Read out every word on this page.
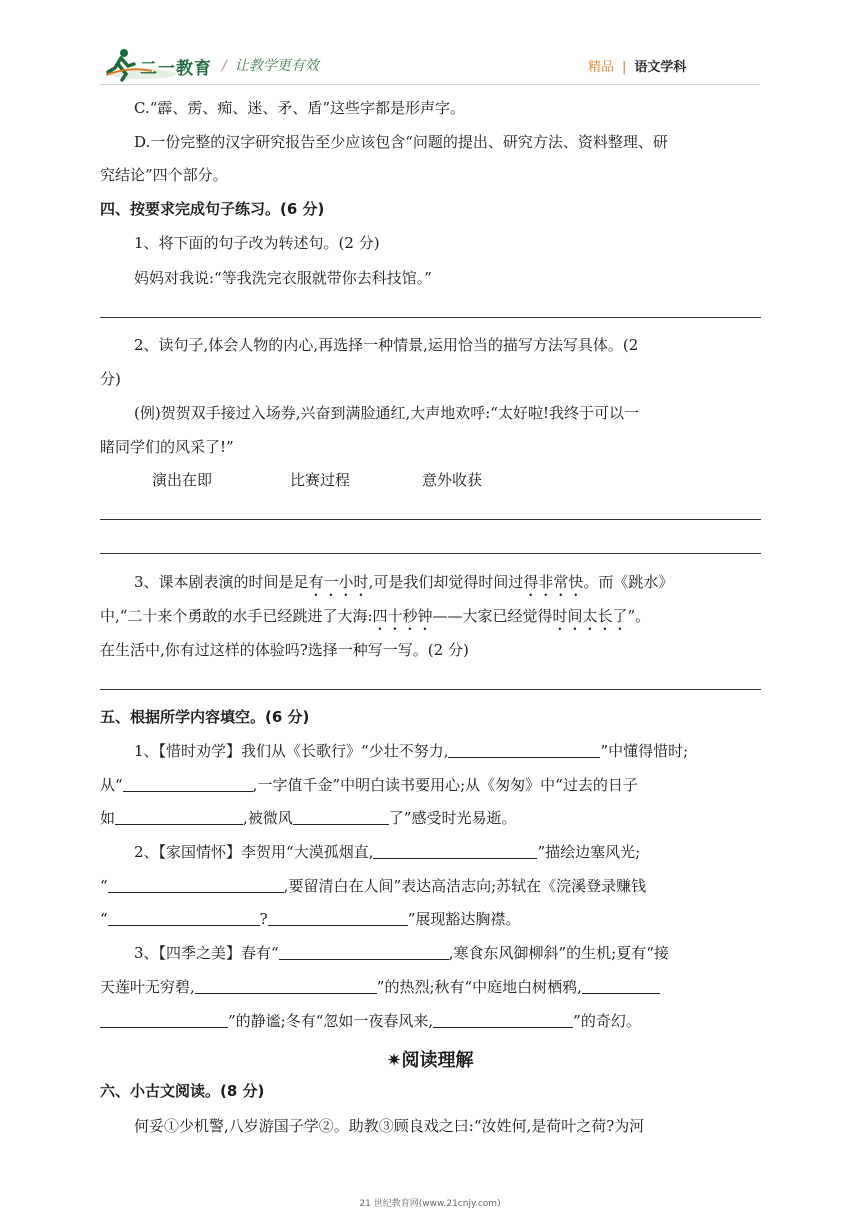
二一教育 / 让教学更有效	精品 | 语文学科
C.“霹、雳、痴、迷、矛、盾”这些字都是形声字。
D.一份完整的汉字研究报告至少应该包含“问题的提出、研究方法、资料整理、研
究结论”四个部分。
四、按要求完成句子练习。(6 分)
1、将下面的句子改为转述句。(2 分)
妈妈对我说:“等我洗完衣服就带你去科技馆。”
2、读句子,体会人物的内心,再选择一种情景,运用恰当的描写方法写具体。(2
分)
(例)贺贺双手接过入场券,兴奋到满脸通红,大声地欢呼:“太好啦!我终于可以一
睹同学们的风采了!”
演出在即	比赛过程	意外收获
3、课本剧表演的时间是足有一小时,可是我们却觉得时间过得非常快。而《跳水》
中,“二十来个勇敢的水手已经跳进了大海:四十秒钟——大家已经觉得时间太长了”。
在生活中,你有过这样的体验吗?选择一种写一写。(2 分)
五、根据所学内容填空。(6 分)
1、【惜时劝学】我们从《长歌行》“少壮不努力,	”中懂得惜时;
从“	,一字值千金”中明白读书要用心;从《匆匆》中“过去的日子
如	,被微风	了”感受时光易逝。
2、【家国情怀】李贺用“大漠孤烟直,	”描绘边塞风光;
“	,要留清白在人间”表达高洁志向;苏轼在《浣溪登录赚钱
“	?	”展现豁达胸襟。
3、【四季之美】春有“	,寒食东风御柳斜”的生机;夏有“接
天莲叶无穷碧,	”的热烈;秋有“中庭地白树栖鸦,
”的静谧;冬有“忽如一夜春风来,	”的奇幻。
✷阅读理解
六、小古文阅读。(8 分)
何妥①少机警,八岁游国子学②。助教③顾良戏之曰:“汝姓何,是荷叶之荷?为河
21 世纪教育网(www.21cnjy.com)
